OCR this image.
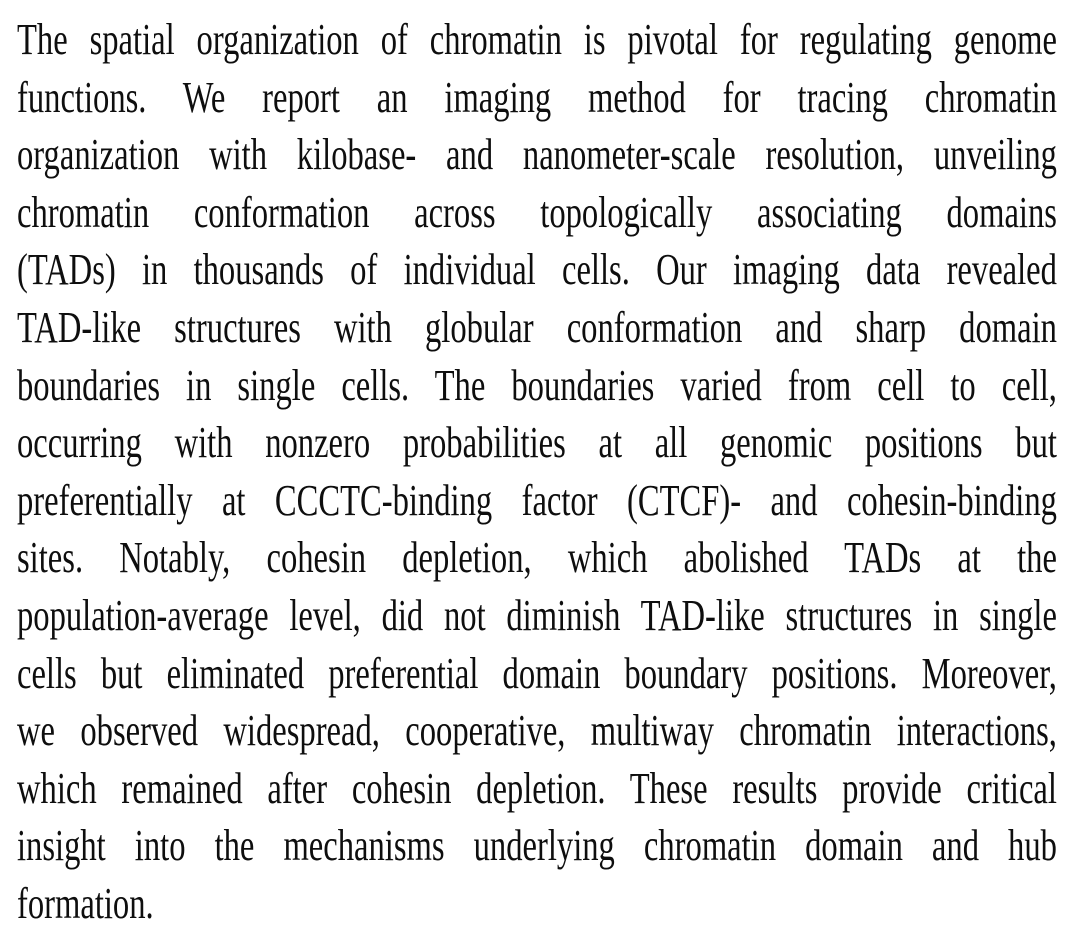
The spatial organization of chromatin is pivotal for regulating genome
functions. We report an imaging method for tracing chromatin
organization with kilobase- and nanometer-scale resolution, unveiling
chromatin conformation across topologically associating domains
(TADs) in thousands of individual cells. Our imaging data revealed
TAD-like structures with globular conformation and sharp domain
boundaries in single cells. The boundaries varied from cell to cell,
occurring with nonzero probabilities at all genomic positions but
preferentially at CCCTC-binding factor (CTCF)- and cohesin-binding
sites. Notably, cohesin depletion, which abolished TADs at the
population-average level, did not diminish TAD-like structures in single
cells but eliminated preferential domain boundary positions. Moreover,
we observed widespread, cooperative, multiway chromatin interactions,
which remained after cohesin depletion. These results provide critical
insight into the mechanisms underlying chromatin domain and hub
formation.
